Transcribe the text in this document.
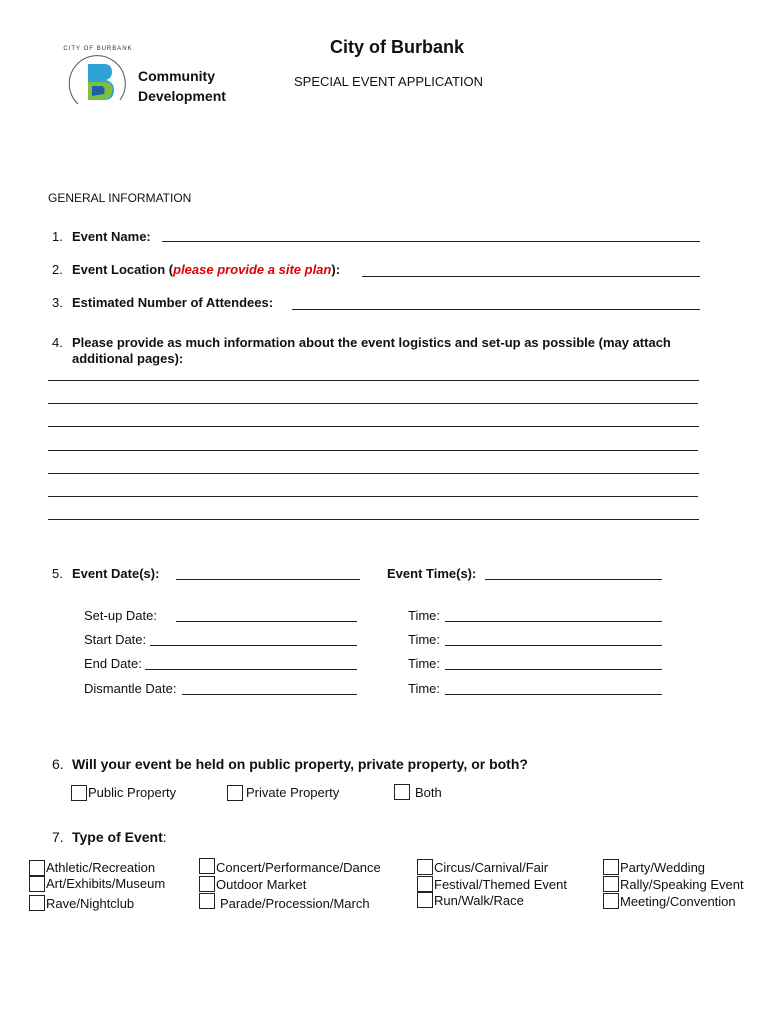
CITY OF BURBANK
Community
Development
City of Burbank
SPECIAL EVENT APPLICATION
GENERAL INFORMATION
1. Event Name:
2. Event Location (please provide a site plan):
3. Estimated Number of Attendees:
4. Please provide as much information about the event logistics and set-up as possible (may attach
additional pages):
5. Event Date(s):	Event Time(s):
Set-up Date:	Time:
Start Date:	Time:
End Date:	Time:
Dismantle Date:	Time:
6. Will your event be held on public property, private property, or both?
Public Property	Private Property	Both
7. Type of Event:
Athletic/Recreation
Art/Exhibits/Museum
Rave/Nightclub
Concert/Performance/Dance
Outdoor Market
Parade/Procession/March
Circus/Carnival/Fair
Festival/Themed Event
Run/Walk/Race
Party/Wedding
Rally/Speaking Event
Meeting/Convention
